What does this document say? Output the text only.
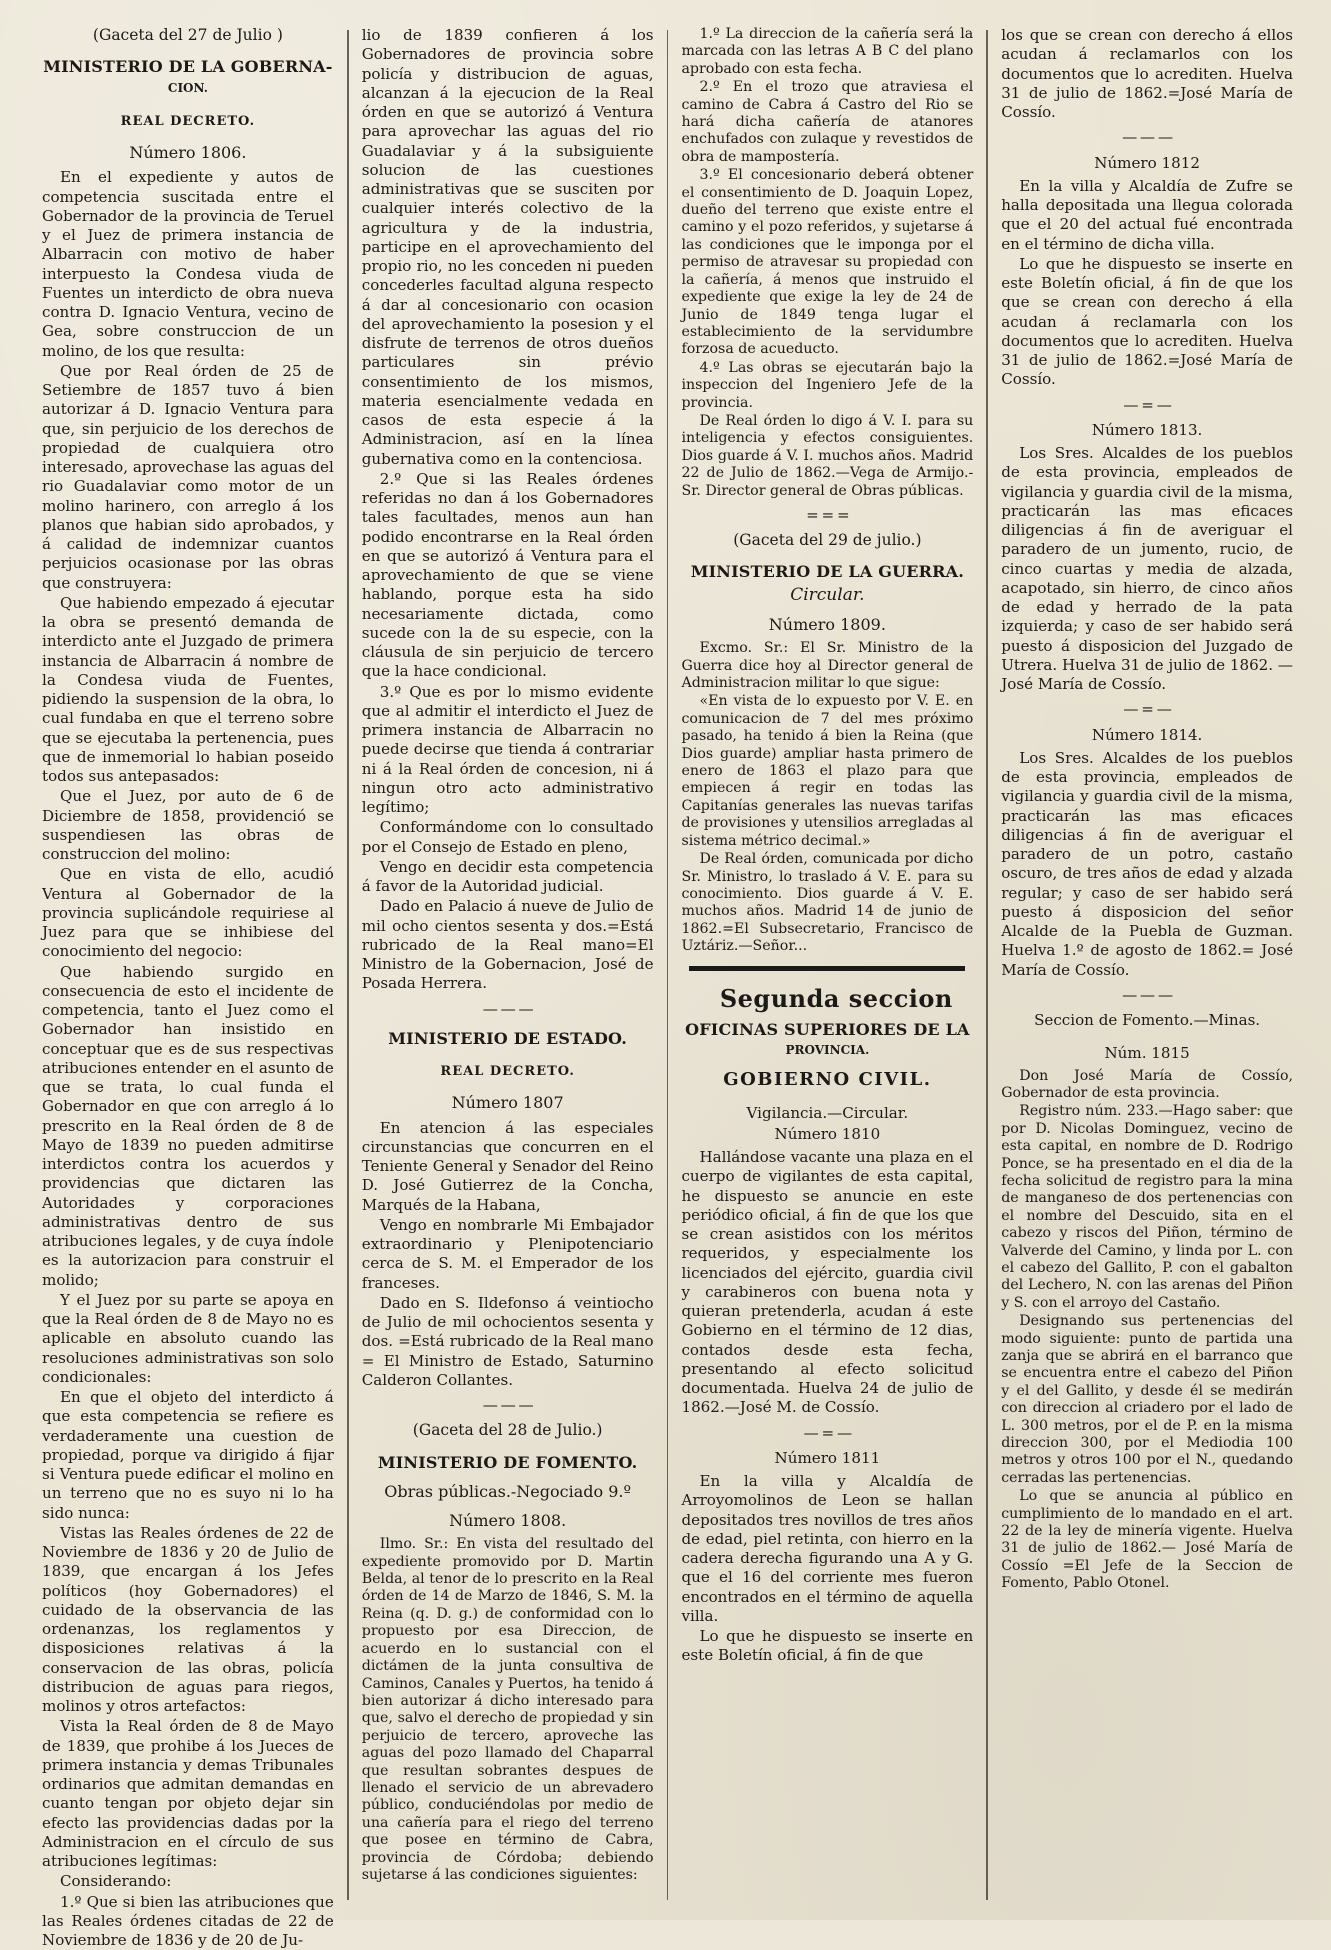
(Gaceta del 27 de Julio )

MINISTERIO DE LA GOBERNA-

CION.

REAL DECRETO.

Número 1806.

En el expediente y autos de competencia suscitada entre el Gobernador de la provincia de Teruel y el Juez de primera instancia de Albarracin con motivo de haber interpuesto la Condesa viuda de Fuentes un interdicto de obra nueva contra D. Ignacio Ventura, vecino de Gea, sobre construccion de un molino, de los que resulta:

Que por Real órden de 25 de Setiembre de 1857 tuvo á bien autorizar á D. Ignacio Ventura para que, sin perjuicio de los derechos de propiedad de cualquiera otro interesado, aprovechase las aguas del rio Guadalaviar como motor de un molino harinero, con arreglo á los planos que habian sido aprobados, y á calidad de indemnizar cuantos perjuicios ocasionase por las obras que construyera:

Que habiendo empezado á ejecutar la obra se presentó demanda de interdicto ante el Juzgado de primera instancia de Albarracin á nombre de la Condesa viuda de Fuentes, pidiendo la suspension de la obra, lo cual fundaba en que el terreno sobre que se ejecutaba la pertenencia, pues que de inmemorial lo habian poseido todos sus antepasados:

Que el Juez, por auto de 6 de Diciembre de 1858, providenció se suspendiesen las obras de construccion del molino:

Que en vista de ello, acudió Ventura al Gobernador de la provincia suplicándole requiriese al Juez para que se inhibiese del conocimiento del negocio:

Que habiendo surgido en consecuencia de esto el incidente de competencia, tanto el Juez como el Gobernador han insistido en conceptuar que es de sus respectivas atribuciones entender en el asunto de que se trata, lo cual funda el Gobernador en que con arreglo á lo prescrito en la Real órden de 8 de Mayo de 1839 no pueden admitirse interdictos contra los acuerdos y providencias que dictaren las Autoridades y corporaciones administrativas dentro de sus atribuciones legales, y de cuya índole es la autorizacion para construir el molido;

Y el Juez por su parte se apoya en que la Real órden de 8 de Mayo no es aplicable en absoluto cuando las resoluciones administrativas son solo condicionales:

En que el objeto del interdicto á que esta competencia se refiere es verdaderamente una cuestion de propiedad, porque va dirigido á fijar si Ventura puede edificar el molino en un terreno que no es suyo ni lo ha sido nunca:

Vistas las Reales órdenes de 22 de Noviembre de 1836 y 20 de Julio de 1839, que encargan á los Jefes políticos (hoy Gobernadores) el cuidado de la observancia de las ordenanzas, los reglamentos y disposiciones relativas á la conservacion de las obras, policía distribucion de aguas para riegos, molinos y otros artefactos:

Vista la Real órden de 8 de Mayo de 1839, que prohibe á los Jueces de primera instancia y demas Tribunales ordinarios que admitan demandas en cuanto tengan por objeto dejar sin efecto las providencias dadas por la Administracion en el círculo de sus atribuciones legítimas:

Considerando:

1.º Que si bien las atribuciones que las Reales órdenes citadas de 22 de Noviembre de 1836 y de 20 de Ju-

lio de 1839 confieren á los Gobernadores de provincia sobre policía y distribucion de aguas, alcanzan á la ejecucion de la Real órden en que se autorizó á Ventura para aprovechar las aguas del rio Guadalaviar y á la subsiguiente solucion de las cuestiones administrativas que se susciten por cualquier interés colectivo de la agricultura y de la industria, participe en el aprovechamiento del propio rio, no les conceden ni pueden concederles facultad alguna respecto á dar al concesionario con ocasion del aprovechamiento la posesion y el disfrute de terrenos de otros dueños particulares sin prévio consentimiento de los mismos, materia esencialmente vedada en casos de esta especie á la Administracion, así en la línea gubernativa como en la contenciosa.

2.º Que si las Reales órdenes referidas no dan á los Gobernadores tales facultades, menos aun han podido encontrarse en la Real órden en que se autorizó á Ventura para el aprovechamiento de que se viene hablando, porque esta ha sido necesariamente dictada, como sucede con la de su especie, con la cláusula de sin perjuicio de tercero que la hace condicional.

3.º Que es por lo mismo evidente que al admitir el interdicto el Juez de primera instancia de Albarracin no puede decirse que tienda á contrariar ni á la Real órden de concesion, ni á ningun otro acto administrativo legítimo;

Conformándome con lo consultado por el Consejo de Estado en pleno,

Vengo en decidir esta competencia á favor de la Autoridad judicial.

Dado en Palacio á nueve de Julio de mil ocho cientos sesenta y dos.=Está rubricado de la Real mano=El Ministro de la Gobernacion, José de Posada Herrera.

— — —

MINISTERIO DE ESTADO.

REAL DECRETO.

Número 1807

En atencion á las especiales circunstancias que concurren en el Teniente General y Senador del Reino D. José Gutierrez de la Concha, Marqués de la Habana,

Vengo en nombrarle Mi Embajador extraordinario y Plenipotenciario cerca de S. M. el Emperador de los franceses.

Dado en S. Ildefonso á veintiocho de Julio de mil ochocientos sesenta y dos. =Está rubricado de la Real mano = El Ministro de Estado, Saturnino Calderon Collantes.

— — —

(Gaceta del 28 de Julio.)

MINISTERIO DE FOMENTO.

Obras públicas.-Negociado 9.º

Número 1808.

Ilmo. Sr.: En vista del resultado del expediente promovido por D. Martin Belda, al tenor de lo prescrito en la Real órden de 14 de Marzo de 1846, S. M. la Reina (q. D. g.) de conformidad con lo propuesto por esa Direccion, de acuerdo en lo sustancial con el dictámen de la junta consultiva de Caminos, Canales y Puertos, ha tenido á bien autorizar á dicho interesado para que, salvo el derecho de propiedad y sin perjuicio de tercero, aproveche las aguas del pozo llamado del Chaparral que resultan sobrantes despues de llenado el servicio de un abrevadero público, conduciéndolas por medio de una cañería para el riego del terreno que posee en término de Cabra, provincia de Córdoba; debiendo sujetarse á las condiciones siguientes:

1.º La direccion de la cañería será la marcada con las letras A B C del plano aprobado con esta fecha.

2.º En el trozo que atraviesa el camino de Cabra á Castro del Rio se hará dicha cañería de atanores enchufados con zulaque y revestidos de obra de mampostería.

3.º El concesionario deberá obtener el consentimiento de D. Joaquin Lopez, dueño del terreno que existe entre el camino y el pozo referidos, y sujetarse á las condiciones que le imponga por el permiso de atravesar su propiedad con la cañería, á menos que instruido el expediente que exige la ley de 24 de Junio de 1849 tenga lugar el establecimiento de la servidumbre forzosa de acueducto.

4.º Las obras se ejecutarán bajo la inspeccion del Ingeniero Jefe de la provincia.

De Real órden lo digo á V. I. para su inteligencia y efectos consiguientes. Dios guarde á V. I. muchos años. Madrid 22 de Julio de 1862.—Vega de Armijo.-Sr. Director general de Obras públicas.

= = =

(Gaceta del 29 de julio.)

MINISTERIO DE LA GUERRA.

Circular.

Número 1809.

Excmo. Sr.: El Sr. Ministro de la Guerra dice hoy al Director general de Administracion militar lo que sigue:

«En vista de lo expuesto por V. E. en comunicacion de 7 del mes próximo pasado, ha tenido á bien la Reina (que Dios guarde) ampliar hasta primero de enero de 1863 el plazo para que empiecen á regir en todas las Capitanías generales las nuevas tarifas de provisiones y utensilios arregladas al sistema métrico decimal.»

De Real órden, comunicada por dicho Sr. Ministro, lo traslado á V. E. para su conocimiento. Dios guarde á V. E. muchos años. Madrid 14 de junio de 1862.=El Subsecretario, Francisco de Uztáriz.—Señor...

Segunda seccion

OFICINAS SUPERIORES DE LA

PROVINCIA.

GOBIERNO CIVIL.

Vigilancia.—Circular.

Número 1810

Hallándose vacante una plaza en el cuerpo de vigilantes de esta capital, he dispuesto se anuncie en este periódico oficial, á fin de que los que se crean asistidos con los méritos requeridos, y especialmente los licenciados del ejército, guardia civil y carabineros con buena nota y quieran pretenderla, acudan á este Gobierno en el término de 12 dias, contados desde esta fecha, presentando al efecto solicitud documentada. Huelva 24 de julio de 1862.—José M. de Cossío.

— = —

Número 1811

En la villa y Alcaldía de Arroyomolinos de Leon se hallan depositados tres novillos de tres años de edad, piel retinta, con hierro en la cadera derecha figurando una A y G. que el 16 del corriente mes fueron encontrados en el término de aquella villa.

Lo que he dispuesto se inserte en este Boletín oficial, á fin de que

los que se crean con derecho á ellos acudan á reclamarlos con los documentos que lo acrediten. Huelva 31 de julio de 1862.=José María de Cossío.

— — —

Número 1812

En la villa y Alcaldía de Zufre se halla depositada una llegua colorada que el 20 del actual fué encontrada en el término de dicha villa.

Lo que he dispuesto se inserte en este Boletín oficial, á fin de que los que se crean con derecho á ella acudan á reclamarla con los documentos que lo acrediten. Huelva 31 de julio de 1862.=José María de Cossío.

— = —

Número 1813.

Los Sres. Alcaldes de los pueblos de esta provincia, empleados de vigilancia y guardia civil de la misma, practicarán las mas eficaces diligencias á fin de averiguar el paradero de un jumento, rucio, de cinco cuartas y media de alzada, acapotado, sin hierro, de cinco años de edad y herrado de la pata izquierda; y caso de ser habido será puesto á disposicion del Juzgado de Utrera. Huelva 31 de julio de 1862. —José María de Cossío.

— = —

Número 1814.

Los Sres. Alcaldes de los pueblos de esta provincia, empleados de vigilancia y guardia civil de la misma, practicarán las mas eficaces diligencias á fin de averiguar el paradero de un potro, castaño oscuro, de tres años de edad y alzada regular; y caso de ser habido será puesto á disposicion del señor Alcalde de la Puebla de Guzman. Huelva 1.º de agosto de 1862.= José María de Cossío.

— — —

Seccion de Fomento.—Minas.

Núm. 1815

Don José María de Cossío, Gobernador de esta provincia.

Registro núm. 233.—Hago saber: que por D. Nicolas Dominguez, vecino de esta capital, en nombre de D. Rodrigo Ponce, se ha presentado en el dia de la fecha solicitud de registro para la mina de manganeso de dos pertenencias con el nombre del Descuido, sita en el cabezo y riscos del Piñon, término de Valverde del Camino, y linda por L. con el cabezo del Gallito, P. con el gabalton del Lechero, N. con las arenas del Piñon y S. con el arroyo del Castaño.

Designando sus pertenencias del modo siguiente: punto de partida una zanja que se abrirá en el barranco que se encuentra entre el cabezo del Piñon y el del Gallito, y desde él se medirán con direccion al criadero por el lado de L. 300 metros, por el de P. en la misma direccion 300, por el Mediodia 100 metros y otros 100 por el N., quedando cerradas las pertenencias.

Lo que se anuncia al público en cumplimiento de lo mandado en el art. 22 de la ley de minería vigente. Huelva 31 de julio de 1862.— José María de Cossío =El Jefe de la Seccion de Fomento, Pablo Otonel.
